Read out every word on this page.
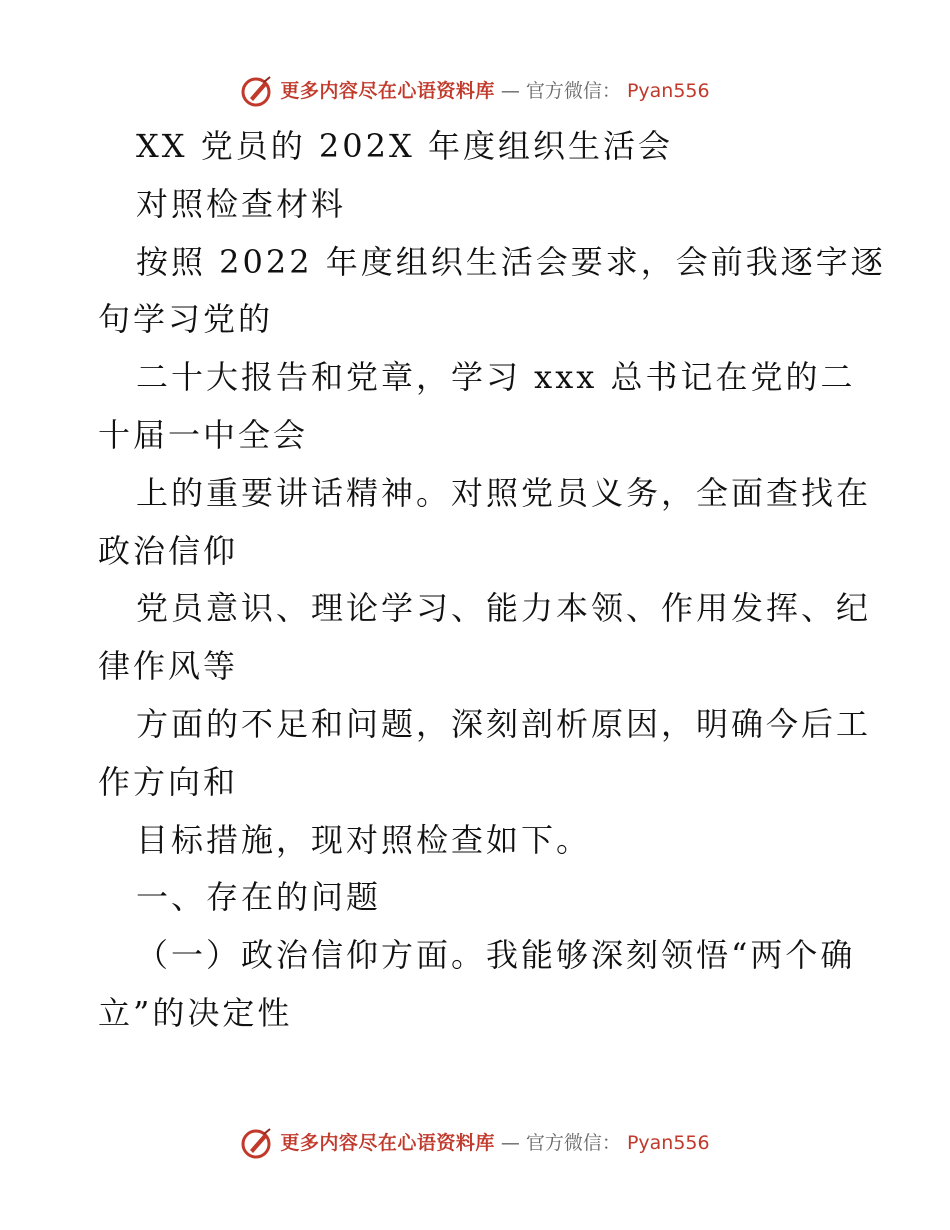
更多内容尽在心语资料库 — 官方微信： Pyan556
XX 党员的 202X 年度组织生活会
对照检查材料
按照 2022 年度组织生活会要求，会前我逐字逐
句学习党的
二十大报告和党章，学习 xxx 总书记在党的二
十届一中全会
上的重要讲话精神。对照党员义务，全面查找在
政治信仰
党员意识、理论学习、能力本领、作用发挥、纪
律作风等
方面的不足和问题，深刻剖析原因，明确今后工
作方向和
目标措施，现对照检查如下。
一、存在的问题
（一）政治信仰方面。我能够深刻领悟“两个确
立”的决定性
更多内容尽在心语资料库 — 官方微信： Pyan556
